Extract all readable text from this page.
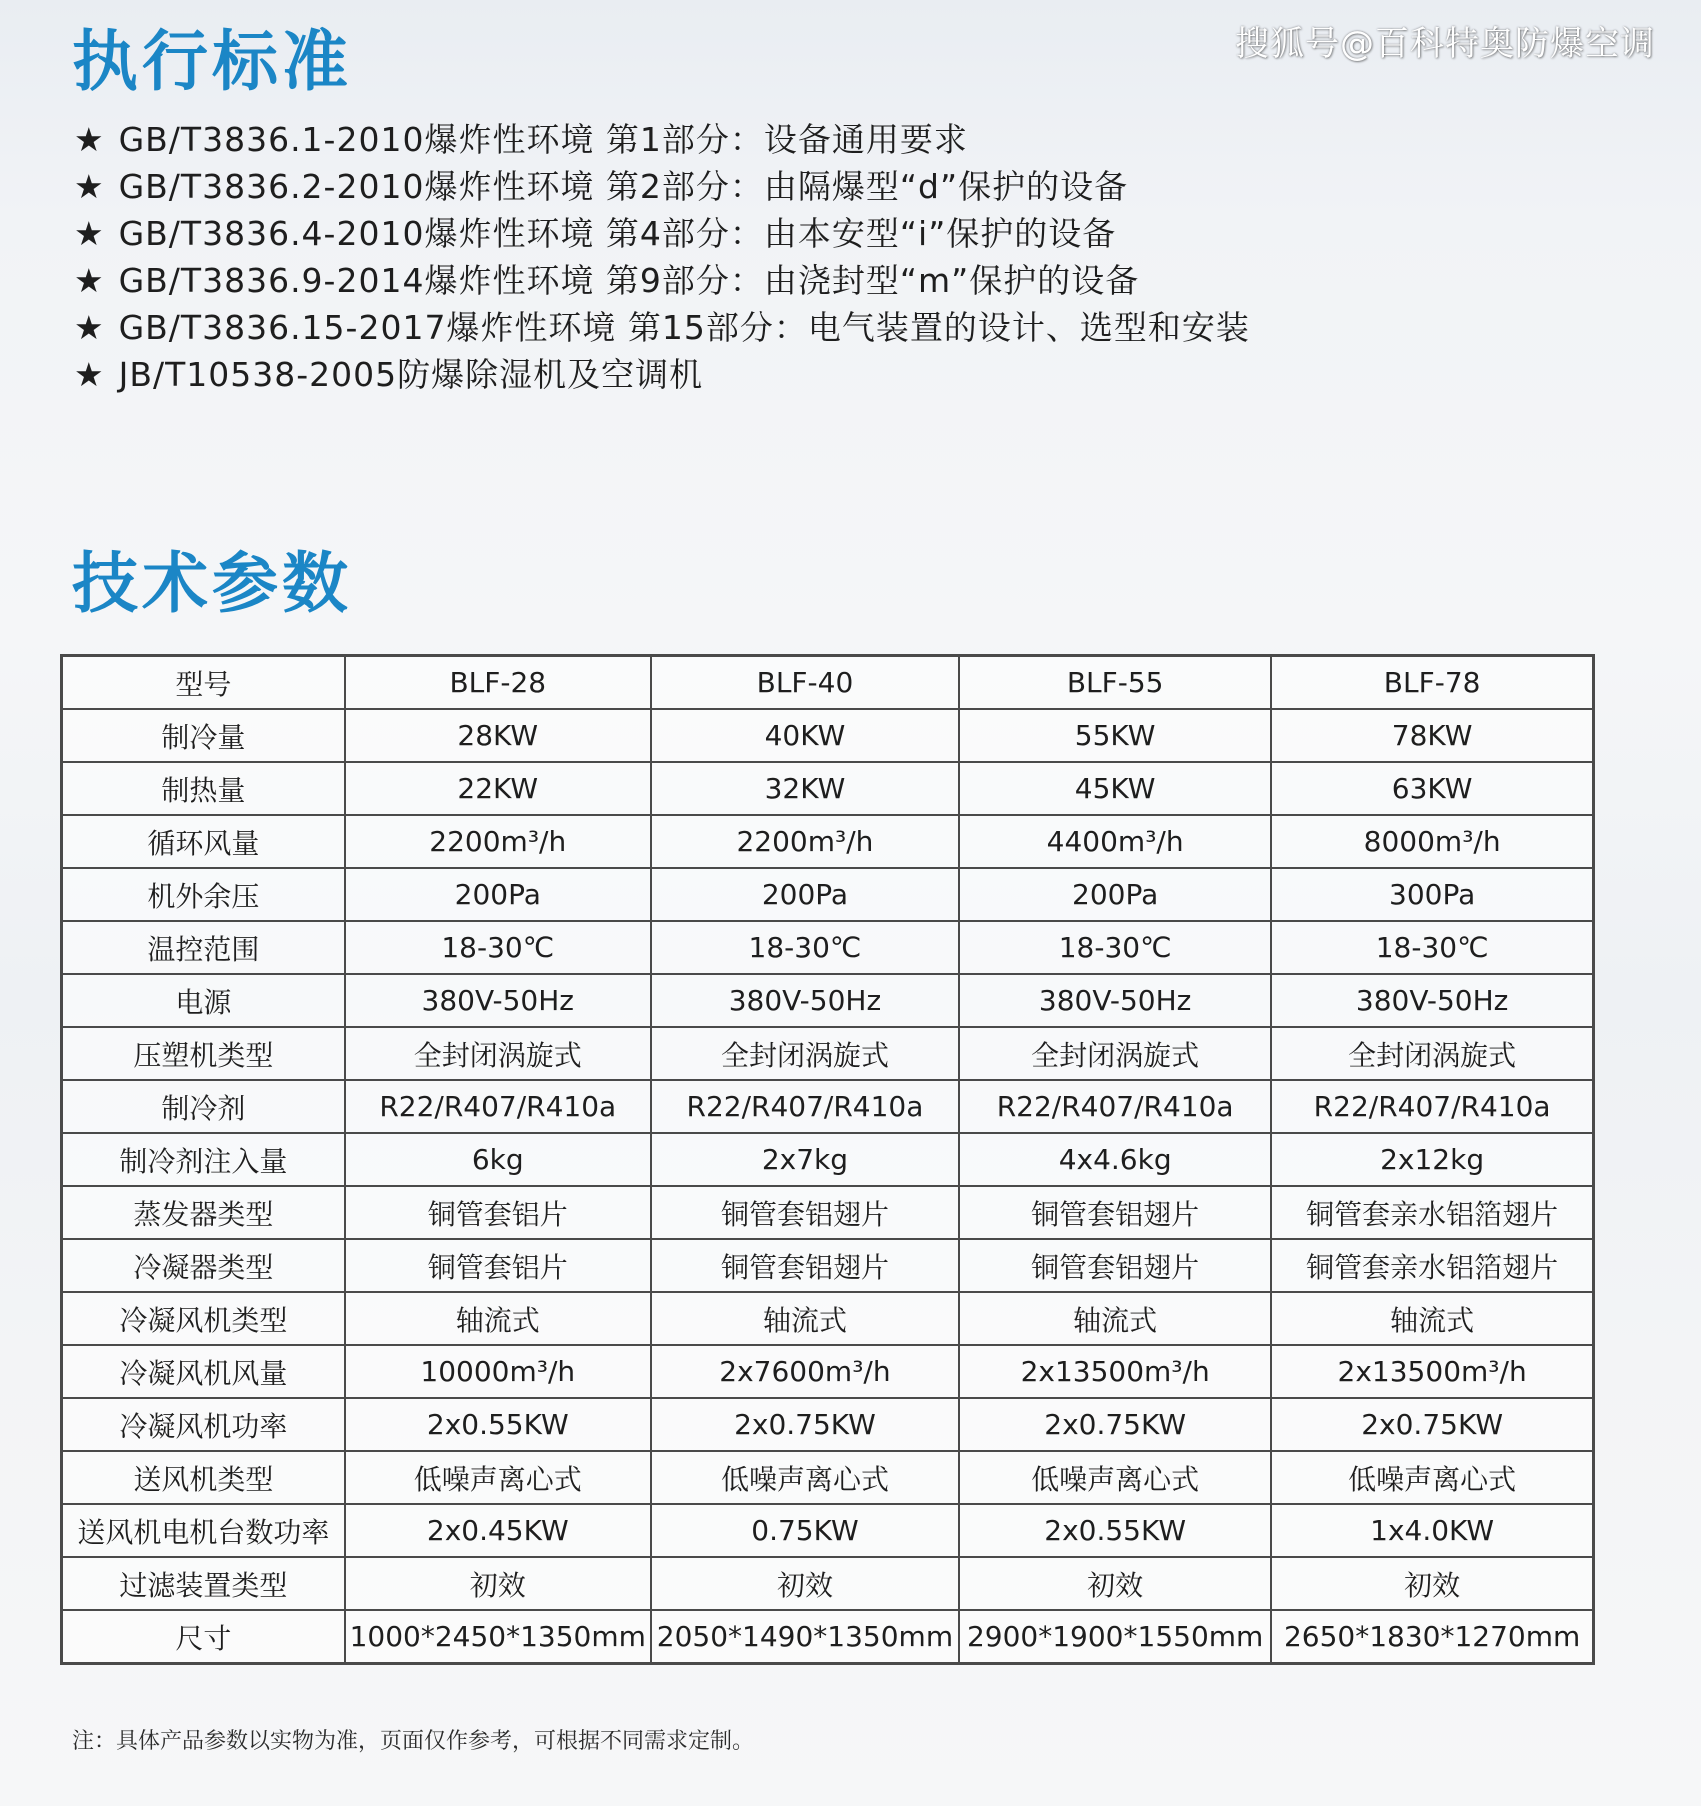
搜狐号@百科特奥防爆空调
执行标准
★ GB/T3836.1-2010爆炸性环境 第1部分：设备通用要求
★ GB/T3836.2-2010爆炸性环境 第2部分：由隔爆型“d”保护的设备
★ GB/T3836.4-2010爆炸性环境 第4部分：由本安型“i”保护的设备
★ GB/T3836.9-2014爆炸性环境 第9部分：由浇封型“m”保护的设备
★ GB/T3836.15-2017爆炸性环境 第15部分：电气装置的设计、选型和安装
★ JB/T10538-2005防爆除湿机及空调机
技术参数
型号	BLF-28	BLF-40	BLF-55	BLF-78
制冷量	28KW	40KW	55KW	78KW
制热量	22KW	32KW	45KW	63KW
循环风量	2200m³/h	2200m³/h	4400m³/h	8000m³/h
机外余压	200Pa	200Pa	200Pa	300Pa
温控范围	18-30℃	18-30℃	18-30℃	18-30℃
电源	380V-50Hz	380V-50Hz	380V-50Hz	380V-50Hz
压塑机类型	全封闭涡旋式	全封闭涡旋式	全封闭涡旋式	全封闭涡旋式
制冷剂	R22/R407/R410a	R22/R407/R410a	R22/R407/R410a	R22/R407/R410a
制冷剂注入量	6kg	2x7kg	4x4.6kg	2x12kg
蒸发器类型	铜管套铝片	铜管套铝翅片	铜管套铝翅片	铜管套亲水铝箔翅片
冷凝器类型	铜管套铝片	铜管套铝翅片	铜管套铝翅片	铜管套亲水铝箔翅片
冷凝风机类型	轴流式	轴流式	轴流式	轴流式
冷凝风机风量	10000m³/h	2x7600m³/h	2x13500m³/h	2x13500m³/h
冷凝风机功率	2x0.55KW	2x0.75KW	2x0.75KW	2x0.75KW
送风机类型	低噪声离心式	低噪声离心式	低噪声离心式	低噪声离心式
送风机电机台数功率	2x0.45KW	0.75KW	2x0.55KW	1x4.0KW
过滤装置类型	初效	初效	初效	初效
尺寸	1000*2450*1350mm	2050*1490*1350mm	2900*1900*1550mm	2650*1830*1270mm

注：具体产品参数以实物为准，页面仅作参考，可根据不同需求定制。
